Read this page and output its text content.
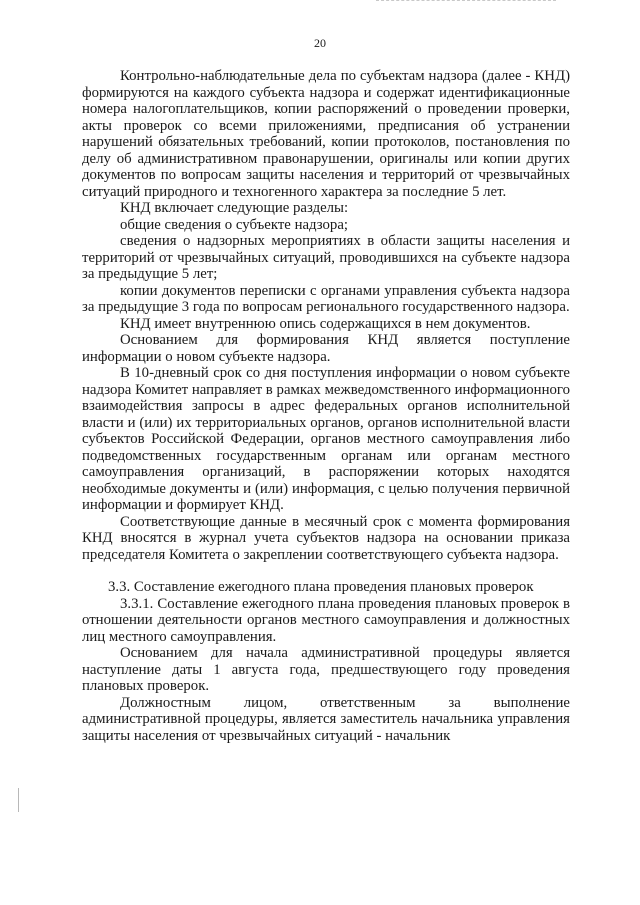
20

Контрольно-наблюдательные дела по субъектам надзора (далее - КНД) формируются на каждого субъекта надзора и содержат идентификационные номера налогоплательщиков, копии распоряжений о проведении проверки, акты проверок со всеми приложениями, предписания об устранении нарушений обязательных требований, копии протоколов, постановления по делу об административном правонарушении, оригиналы или копии других документов по вопросам защиты населения и территорий от чрезвычайных ситуаций природного и техногенного характера за последние 5 лет.

КНД включает следующие разделы:

общие сведения о субъекте надзора;

сведения о надзорных мероприятиях в области защиты населения и территорий от чрезвычайных ситуаций, проводившихся на субъекте надзора за предыдущие 5 лет;

копии документов переписки с органами управления субъекта надзора за предыдущие 3 года по вопросам регионального государственного надзора.

КНД имеет внутреннюю опись содержащихся в нем документов.

Основанием для формирования КНД является поступление информации о новом субъекте надзора.

В 10-дневный срок со дня поступления информации о новом субъекте надзора Комитет направляет в рамках межведомственного информационного взаимодействия запросы в адрес федеральных органов исполнительной власти и (или) их территориальных органов, органов исполнительной власти субъектов Российской Федерации, органов местного самоуправления либо подведомственных государственным органам или органам местного самоуправления организаций, в распоряжении которых находятся необходимые документы и (или) информация, с целью получения первичной информации и формирует КНД.

Соответствующие данные в месячный срок с момента формирования КНД вносятся в журнал учета субъектов надзора на основании приказа председателя Комитета о закреплении соответствующего субъекта надзора.

3.3. Составление ежегодного плана проведения плановых проверок

3.3.1. Составление ежегодного плана проведения плановых проверок в отношении деятельности органов местного самоуправления и должностных лиц местного самоуправления.

Основанием для начала административной процедуры является наступление даты 1 августа года, предшествующего году проведения плановых проверок.

Должностным лицом, ответственным за выполнение административной процедуры, является заместитель начальника управления защиты населения от чрезвычайных ситуаций - начальник
